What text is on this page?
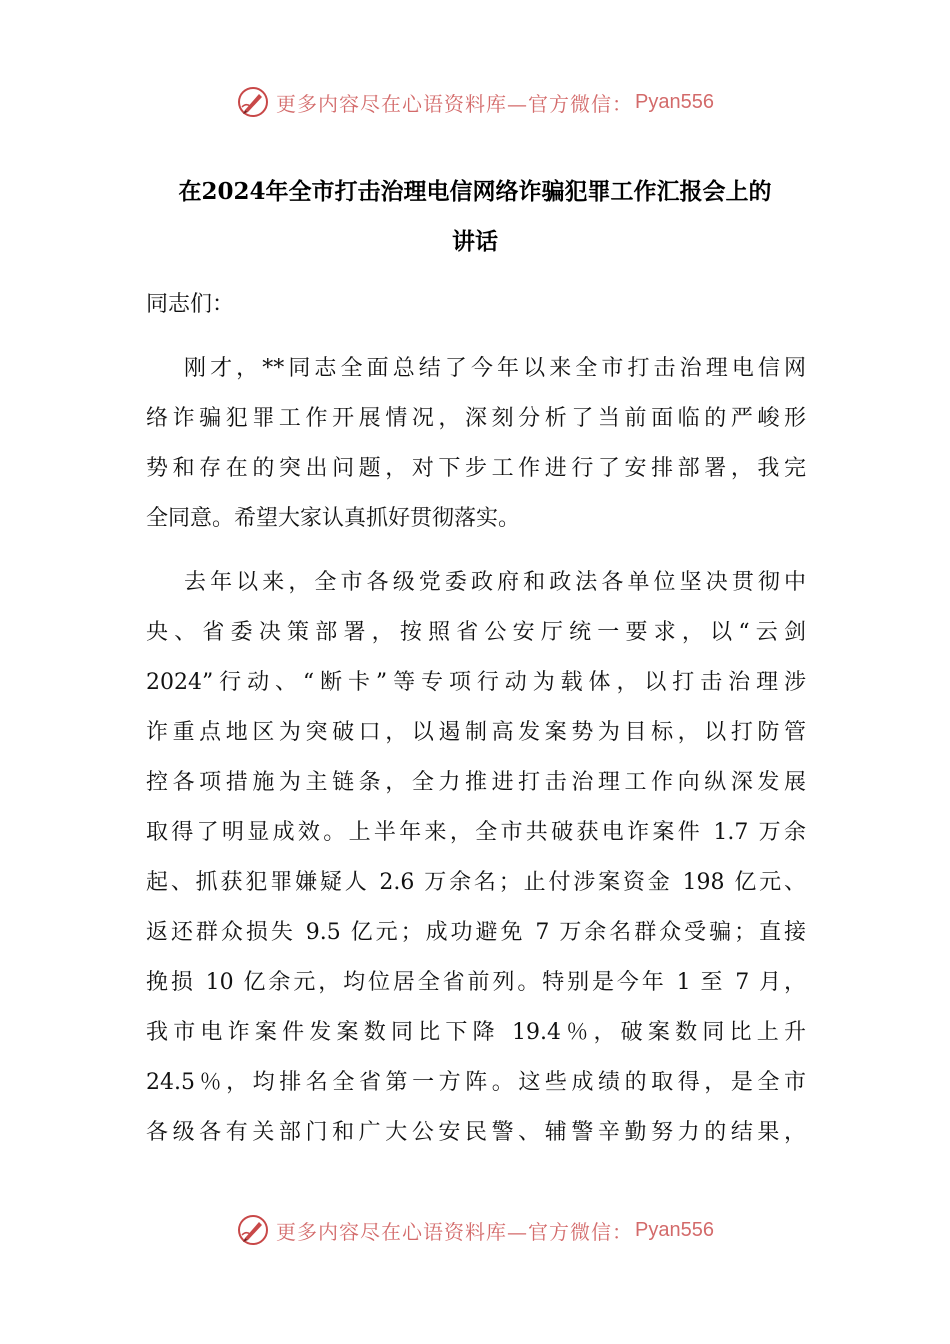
更多内容尽在心语资料库—官方微信： Pyan556
在2024年全市打击治理电信网络诈骗犯罪工作汇报会上的
讲话
同志们：
刚才，**同志全面总结了今年以来全市打击治理电信网
络诈骗犯罪工作开展情况，深刻分析了当前面临的严峻形
势和存在的突出问题，对下步工作进行了安排部署，我完
全同意。希望大家认真抓好贯彻落实。
去年以来，全市各级党委政府和政法各单位坚决贯彻中
央、省委决策部署，按照省公安厅统一要求，以“云剑
2024”行动、“断卡”等专项行动为载体，以打击治理涉
诈重点地区为突破口，以遏制高发案势为目标，以打防管
控各项措施为主链条，全力推进打击治理工作向纵深发展
取得了明显成效。上半年来，全市共破获电诈案件 1.7 万余
起、抓获犯罪嫌疑人 2.6 万余名；止付涉案资金 198 亿元、
返还群众损失 9.5 亿元；成功避免 7 万余名群众受骗；直接
挽损 10 亿余元，均位居全省前列。特别是今年 1 至 7 月，
我市电诈案件发案数同比下降 19.4％，破案数同比上升
24.5％，均排名全省第一方阵。这些成绩的取得，是全市
各级各有关部门和广大公安民警、辅警辛勤努力的结果，
更多内容尽在心语资料库—官方微信： Pyan556
